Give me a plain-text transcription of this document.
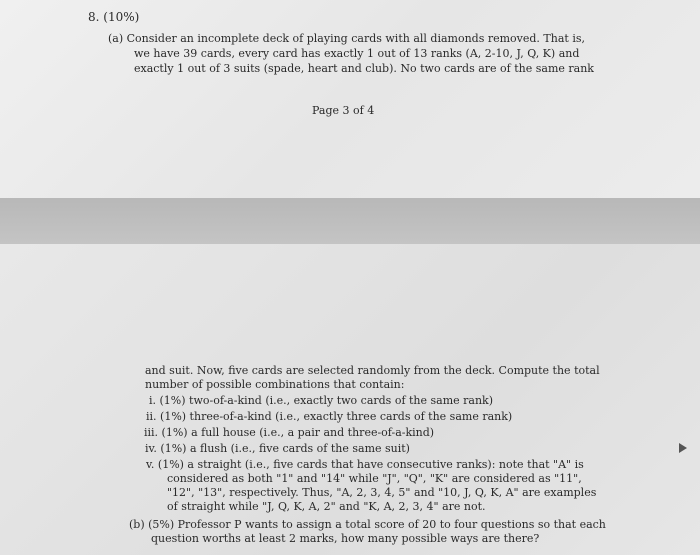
8. (10%)
(a) Consider an incomplete deck of playing cards with all diamonds removed. That is,
we have 39 cards, every card has exactly 1 out of 13 ranks (A, 2-10, J, Q, K) and
exactly 1 out of 3 suits (spade, heart and club). No two cards are of the same rank
Page 3 of 4
and suit. Now, five cards are selected randomly from the deck. Compute the total
number of possible combinations that contain:
i. (1%) two-of-a-kind (i.e., exactly two cards of the same rank)
ii. (1%) three-of-a-kind (i.e., exactly three cards of the same rank)
iii. (1%) a full house (i.e., a pair and three-of-a-kind)
iv. (1%) a flush (i.e., five cards of the same suit)
v. (1%) a straight (i.e., five cards that have consecutive ranks): note that "A" is
considered as both "1" and "14" while "J", "Q", "K" are considered as "11",
"12", "13", respectively. Thus, "A, 2, 3, 4, 5" and "10, J, Q, K, A" are examples
of straight while "J, Q, K, A, 2" and "K, A, 2, 3, 4" are not.
(b) (5%) Professor P wants to assign a total score of 20 to four questions so that each
question worths at least 2 marks, how many possible ways are there?
